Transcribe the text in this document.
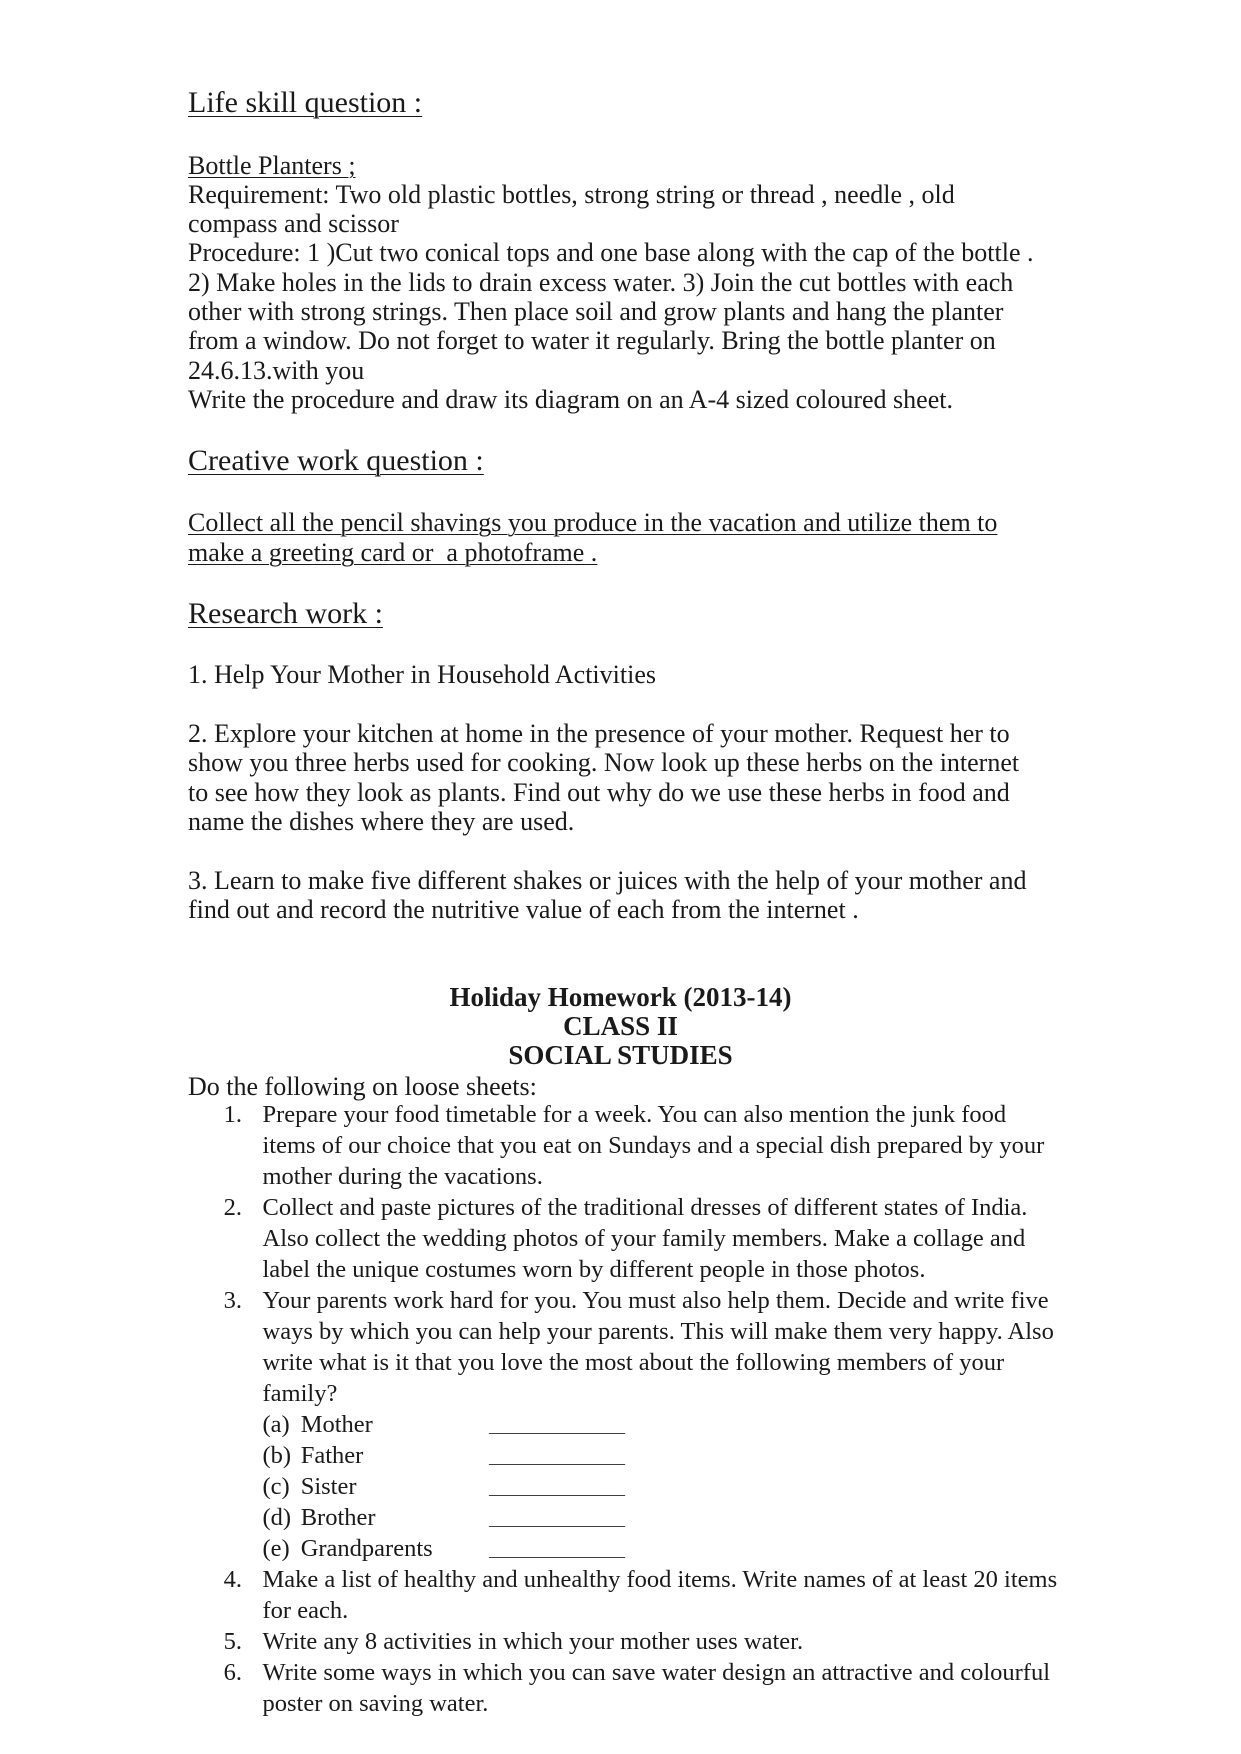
Life skill question :
Bottle Planters ;
Requirement: Two old plastic bottles, strong string or thread , needle , old
compass and scissor
Procedure: 1 )Cut two conical tops and one base along with the cap of the bottle .
2) Make holes in the lids to drain excess water. 3) Join the cut bottles with each
other with strong strings. Then place soil and grow plants and hang the planter
from a window. Do not forget to water it regularly. Bring the bottle planter on
24.6.13.with you
Write the procedure and draw its diagram on an A-4 sized coloured sheet.
Creative work question :
Collect all the pencil shavings you produce in the vacation and utilize them to
make a greeting card or  a photoframe .
Research work :
1. Help Your Mother in Household Activities
2. Explore your kitchen at home in the presence of your mother. Request her to
show you three herbs used for cooking. Now look up these herbs on the internet
to see how they look as plants. Find out why do we use these herbs in food and
name the dishes where they are used.
3. Learn to make five different shakes or juices with the help of your mother and
find out and record the nutritive value of each from the internet .
Holiday Homework (2013-14)
CLASS II
SOCIAL STUDIES
Do the following on loose sheets:
1. Prepare your food timetable for a week. You can also mention the junk food
items of our choice that you eat on Sundays and a special dish prepared by your
mother during the vacations.
2. Collect and paste pictures of the traditional dresses of different states of India.
Also collect the wedding photos of your family members. Make a collage and
label the unique costumes worn by different people in those photos.
3. Your parents work hard for you. You must also help them. Decide and write five
ways by which you can help your parents. This will make them very happy. Also
write what is it that you love the most about the following members of your
family?
(a) Mother	________________
(b) Father	________________
(c) Sister	________________
(d) Brother	________________
(e) Grandparents	________________
4. Make a list of healthy and unhealthy food items. Write names of at least 20 items
for each.
5. Write any 8 activities in which your mother uses water.
6. Write some ways in which you can save water design an attractive and colourful
poster on saving water.
